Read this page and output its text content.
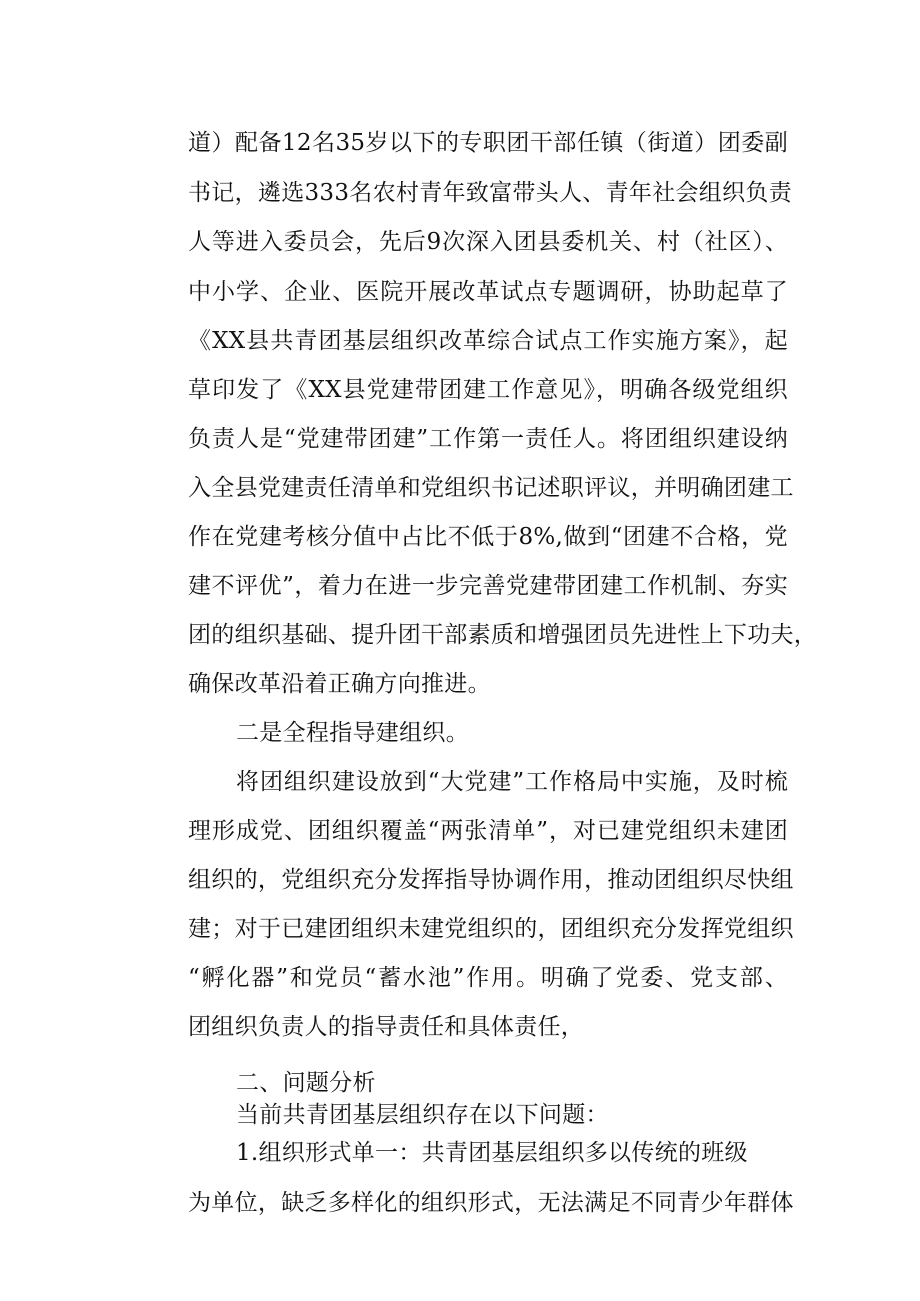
道）配备12名35岁以下的专职团干部任镇（街道）团委副
书记，遴选333名农村青年致富带头人、青年社会组织负责
人等进入委员会，先后9次深入团县委机关、村（社区）、
中小学、企业、医院开展改革试点专题调研，协助起草了
《XX县共青团基层组织改革综合试点工作实施方案》，起
草印发了《XX县党建带团建工作意见》，明确各级党组织
负责人是“党建带团建”工作第一责任人。将团组织建设纳
入全县党建责任清单和党组织书记述职评议，并明确团建工
作在党建考核分值中占比不低于8%,做到“团建不合格，党
建不评优”，着力在进一步完善党建带团建工作机制、夯实
团的组织基础、提升团干部素质和增强团员先进性上下功夫，
确保改革沿着正确方向推进。
二是全程指导建组织。
将团组织建设放到“大党建”工作格局中实施，及时梳
理形成党、团组织覆盖“两张清单”，对已建党组织未建团
组织的，党组织充分发挥指导协调作用，推动团组织尽快组
建；对于已建团组织未建党组织的，团组织充分发挥党组织
“孵化器”和党员“蓄水池”作用。明确了党委、党支部、
团组织负责人的指导责任和具体责任，
二、问题分析
当前共青团基层组织存在以下问题：
1.组织形式单一：共青团基层组织多以传统的班级
为单位，缺乏多样化的组织形式，无法满足不同青少年群体
